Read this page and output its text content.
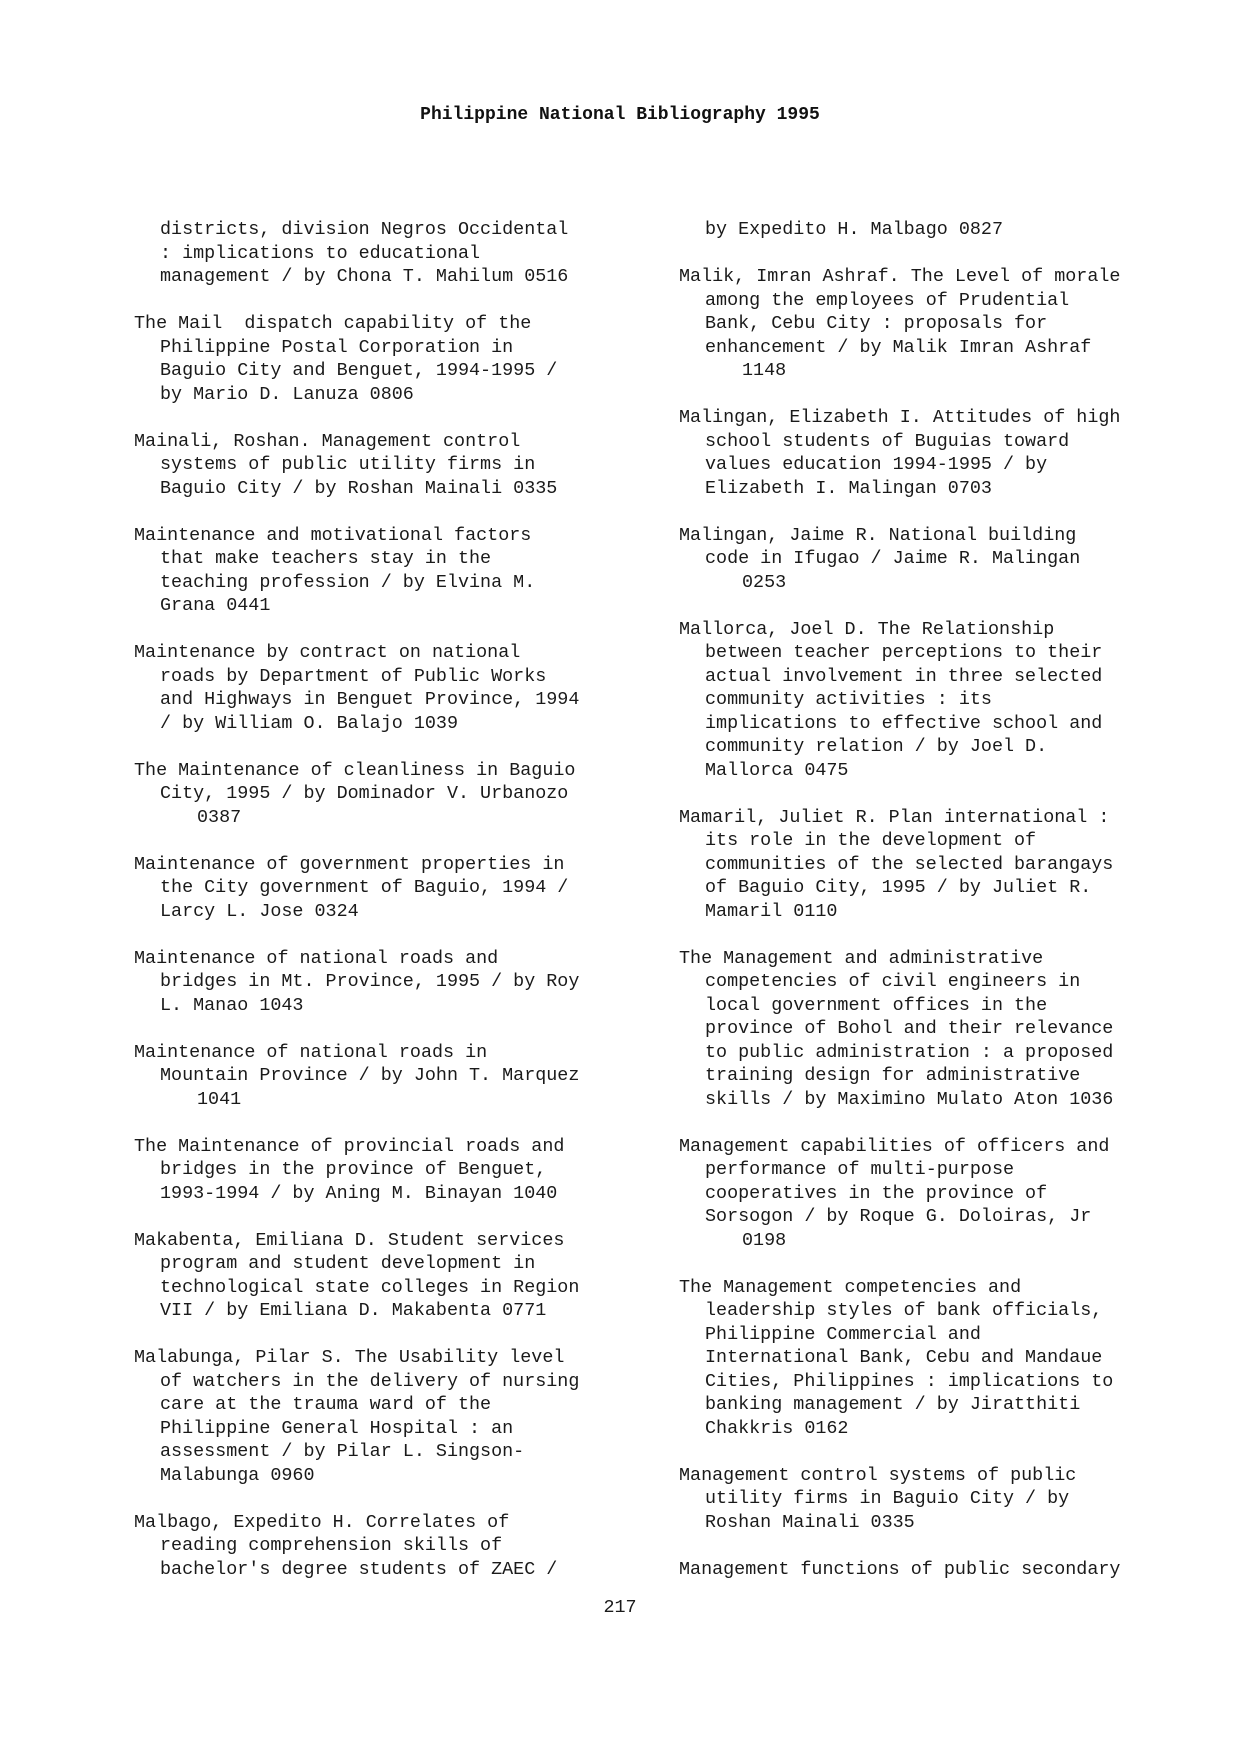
Philippine National Bibliography 1995
districts, division Negros Occidental
: implications to educational
management / by Chona T. Mahilum 0516
The Mail  dispatch capability of the
Philippine Postal Corporation in
Baguio City and Benguet, 1994-1995 /
by Mario D. Lanuza 0806
Mainali, Roshan. Management control
systems of public utility firms in
Baguio City / by Roshan Mainali 0335
Maintenance and motivational factors
that make teachers stay in the
teaching profession / by Elvina M.
Grana 0441
Maintenance by contract on national
roads by Department of Public Works
and Highways in Benguet Province, 1994
/ by William O. Balajo 1039
The Maintenance of cleanliness in Baguio
City, 1995 / by Dominador V. Urbanozo
0387
Maintenance of government properties in
the City government of Baguio, 1994 /
Larcy L. Jose 0324
Maintenance of national roads and
bridges in Mt. Province, 1995 / by Roy
L. Manao 1043
Maintenance of national roads in
Mountain Province / by John T. Marquez
1041
The Maintenance of provincial roads and
bridges in the province of Benguet,
1993-1994 / by Aning M. Binayan 1040
Makabenta, Emiliana D. Student services
program and student development in
technological state colleges in Region
VII / by Emiliana D. Makabenta 0771
Malabunga, Pilar S. The Usability level
of watchers in the delivery of nursing
care at the trauma ward of the
Philippine General Hospital : an
assessment / by Pilar L. Singson-
Malabunga 0960
Malbago, Expedito H. Correlates of
reading comprehension skills of
bachelor's degree students of ZAEC /
by Expedito H. Malbago 0827
Malik, Imran Ashraf. The Level of morale
among the employees of Prudential
Bank, Cebu City : proposals for
enhancement / by Malik Imran Ashraf
1148
Malingan, Elizabeth I. Attitudes of high
school students of Buguias toward
values education 1994-1995 / by
Elizabeth I. Malingan 0703
Malingan, Jaime R. National building
code in Ifugao / Jaime R. Malingan
0253
Mallorca, Joel D. The Relationship
between teacher perceptions to their
actual involvement in three selected
community activities : its
implications to effective school and
community relation / by Joel D.
Mallorca 0475
Mamaril, Juliet R. Plan international :
its role in the development of
communities of the selected barangays
of Baguio City, 1995 / by Juliet R.
Mamaril 0110
The Management and administrative
competencies of civil engineers in
local government offices in the
province of Bohol and their relevance
to public administration : a proposed
training design for administrative
skills / by Maximino Mulato Aton 1036
Management capabilities of officers and
performance of multi-purpose
cooperatives in the province of
Sorsogon / by Roque G. Doloiras, Jr
0198
The Management competencies and
leadership styles of bank officials,
Philippine Commercial and
International Bank, Cebu and Mandaue
Cities, Philippines : implications to
banking management / by Jiratthiti
Chakkris 0162
Management control systems of public
utility firms in Baguio City / by
Roshan Mainali 0335
Management functions of public secondary
217
